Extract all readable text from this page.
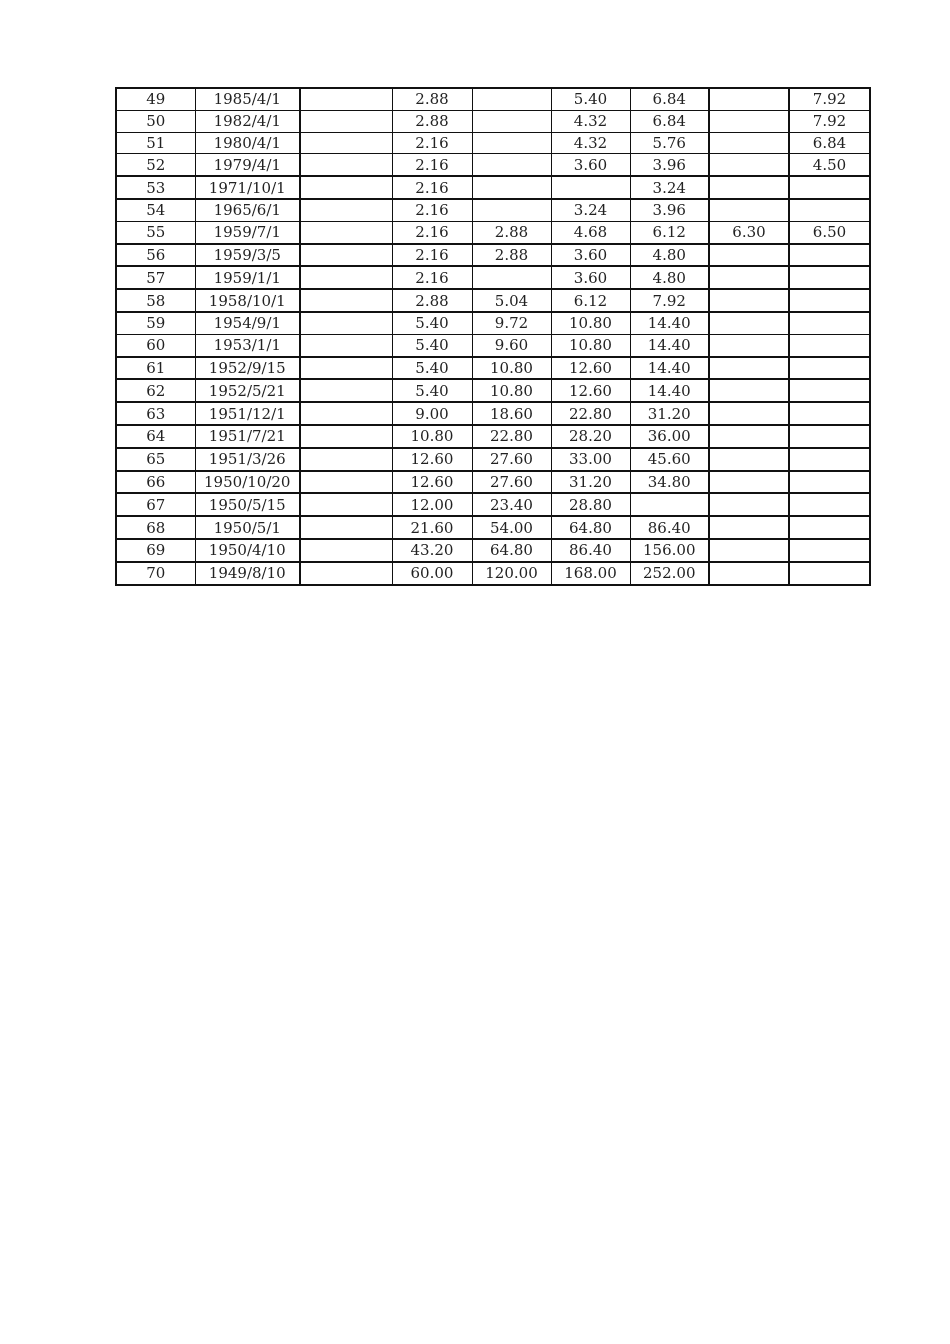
49	1985/4/1		2.88		5.40	6.84		7.92
50	1982/4/1		2.88		4.32	6.84		7.92
51	1980/4/1		2.16		4.32	5.76		6.84
52	1979/4/1		2.16		3.60	3.96		4.50
53	1971/10/1		2.16			3.24		
54	1965/6/1		2.16		3.24	3.96		
55	1959/7/1		2.16	2.88	4.68	6.12	6.30	6.50
56	1959/3/5		2.16	2.88	3.60	4.80		
57	1959/1/1		2.16		3.60	4.80		
58	1958/10/1		2.88	5.04	6.12	7.92		
59	1954/9/1		5.40	9.72	10.80	14.40		
60	1953/1/1		5.40	9.60	10.80	14.40		
61	1952/9/15		5.40	10.80	12.60	14.40		
62	1952/5/21		5.40	10.80	12.60	14.40		
63	1951/12/1		9.00	18.60	22.80	31.20		
64	1951/7/21		10.80	22.80	28.20	36.00		
65	1951/3/26		12.60	27.60	33.00	45.60		
66	1950/10/20		12.60	27.60	31.20	34.80		
67	1950/5/15		12.00	23.40	28.80			
68	1950/5/1		21.60	54.00	64.80	86.40		
69	1950/4/10		43.20	64.80	86.40	156.00		
70	1949/8/10		60.00	120.00	168.00	252.00		
